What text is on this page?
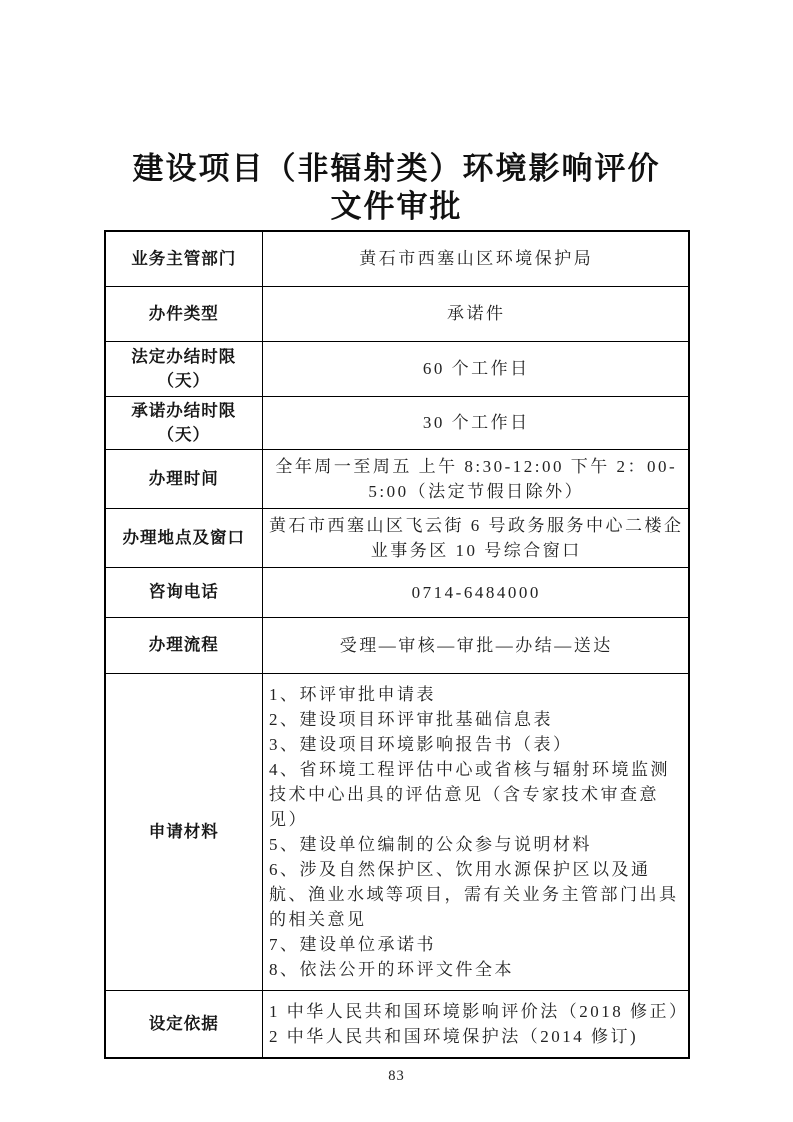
建设项目（非辐射类）环境影响评价
文件审批
业务主管部门	黄石市西塞山区环境保护局
办件类型	承诺件
法定办结时限
（天）	60 个工作日
承诺办结时限
（天）	30 个工作日
办理时间	全年周一至周五 上午 8:30-12:00 下午 2：00-5:00（法定节假日除外）
办理地点及窗口	黄石市西塞山区飞云街 6 号政务服务中心二楼企业事务区 10 号综合窗口
咨询电话	0714-6484000
办理流程	受理—审核—审批—办结—送达
申请材料	
1、环评审批申请表
2、建设项目环评审批基础信息表
3、建设项目环境影响报告书（表）
4、省环境工程评估中心或省核与辐射环境监测技术中心出具的评估意见（含专家技术审查意见）
5、建设单位编制的公众参与说明材料
6、涉及自然保护区、饮用水源保护区以及通航、渔业水域等项目，需有关业务主管部门出具的相关意见
7、建设单位承诺书
8、依法公开的环评文件全本

设定依据	1 中华人民共和国环境影响评价法（2018 修正）
2 中华人民共和国环境保护法（2014 修订)
83
